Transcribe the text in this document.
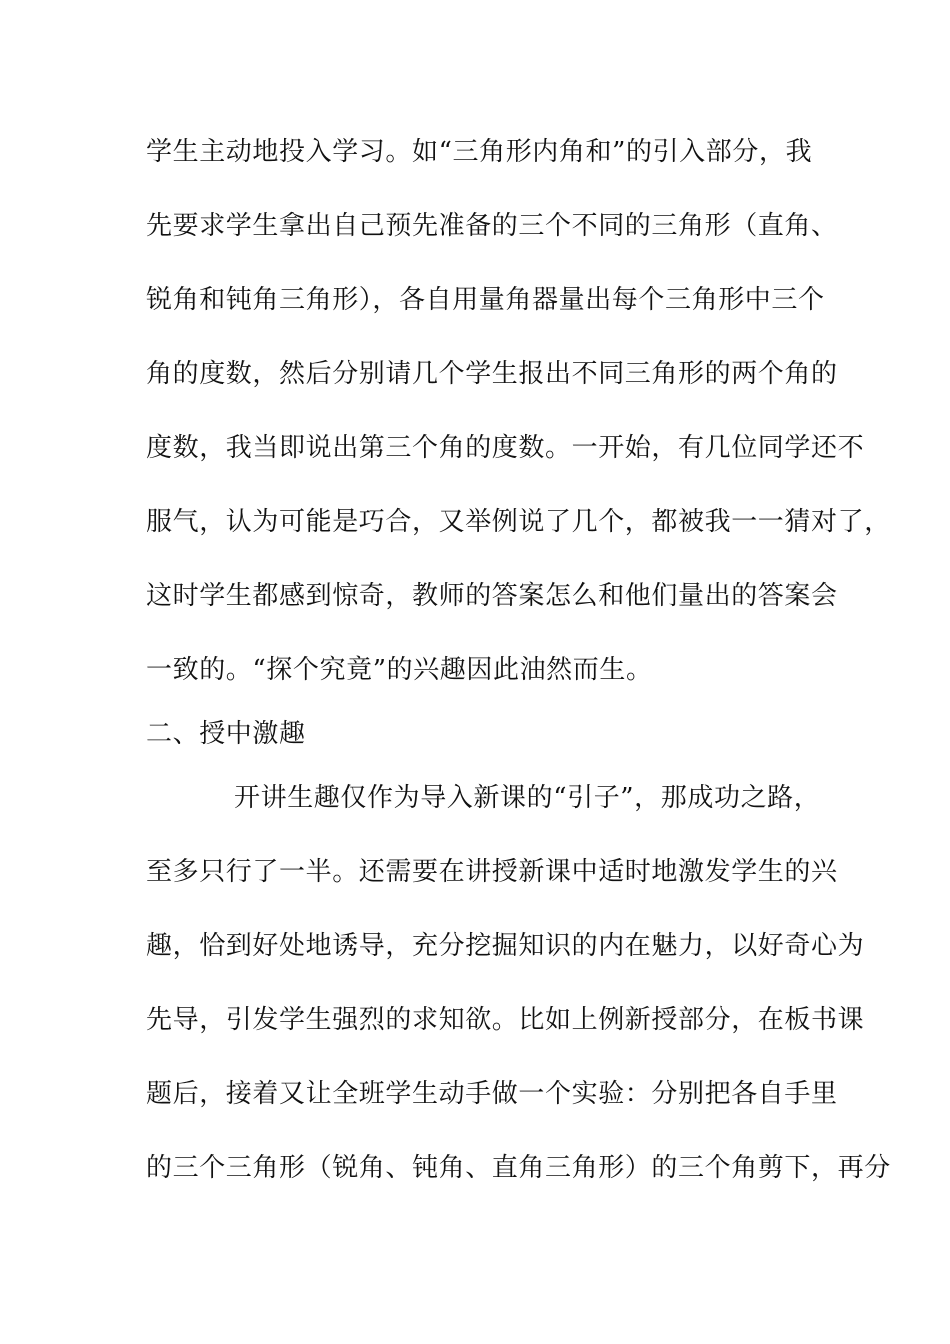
学生主动地投入学习。如“三角形内角和”的引入部分，我
先要求学生拿出自己预先准备的三个不同的三角形（直角、
锐角和钝角三角形），各自用量角器量出每个三角形中三个
角的度数，然后分别请几个学生报出不同三角形的两个角的
度数，我当即说出第三个角的度数。一开始，有几位同学还不
服气，认为可能是巧合，又举例说了几个，都被我一一猜对了，
这时学生都感到惊奇，教师的答案怎么和他们量出的答案会
一致的。“探个究竟”的兴趣因此油然而生。
二、授中激趣
开讲生趣仅作为导入新课的“引子”，那成功之路，
至多只行了一半。还需要在讲授新课中适时地激发学生的兴
趣，恰到好处地诱导，充分挖掘知识的内在魅力，以好奇心为
先导，引发学生强烈的求知欲。比如上例新授部分，在板书课
题后，接着又让全班学生动手做一个实验：分别把各自手里
的三个三角形（锐角、钝角、直角三角形）的三个角剪下，再分
